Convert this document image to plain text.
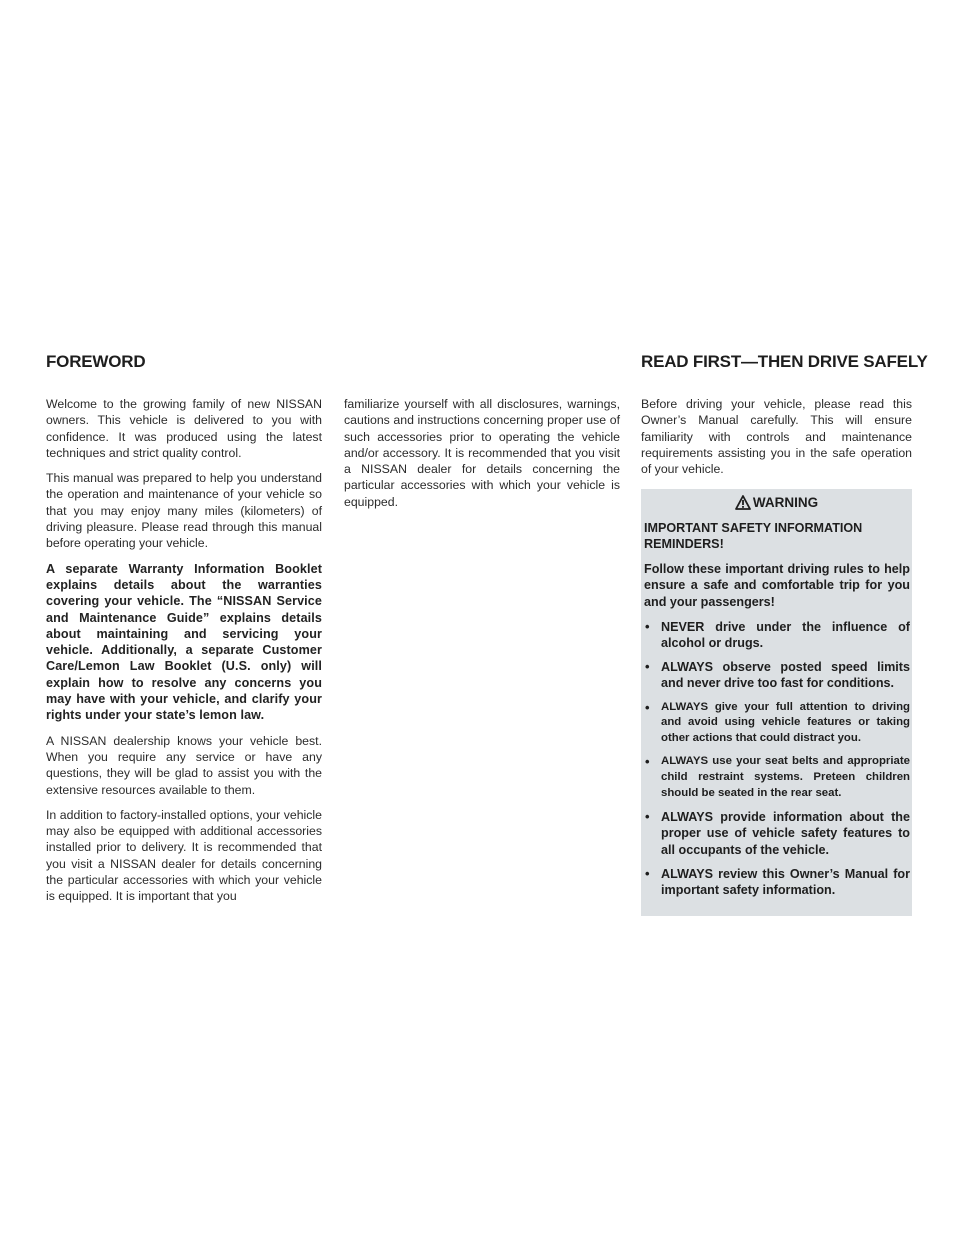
FOREWORD	READ FIRST—THEN DRIVE SAFELY

Welcome to the growing family of new NISSAN owners. This vehicle is delivered to you with confidence. It was produced using the latest techniques and strict quality control.

This manual was prepared to help you understand the operation and maintenance of your vehicle so that you may enjoy many miles (kilometers) of driving pleasure. Please read through this manual before operating your vehicle.

A separate Warranty Information Booklet explains details about the warranties covering your vehicle. The “NISSAN Service and Maintenance Guide” explains details about maintaining and servicing your vehicle. Additionally, a separate Customer Care/Lemon Law Booklet (U.S. only) will explain how to resolve any concerns you may have with your vehicle, and clarify your rights under your state’s lemon law.

A NISSAN dealership knows your vehicle best. When you require any service or have any questions, they will be glad to assist you with the extensive resources available to them.

In addition to factory-installed options, your vehicle may also be equipped with additional accessories installed prior to delivery. It is recommended that you visit a NISSAN dealer for details concerning the particular accessories with which your vehicle is equipped. It is important that you

familiarize yourself with all disclosures, warnings, cautions and instructions concerning proper use of such accessories prior to operating the vehicle and/or accessory. It is recommended that you visit a NISSAN dealer for details concerning the particular accessories with which your vehicle is equipped.

Before driving your vehicle, please read this Owner’s Manual carefully. This will ensure familiarity with controls and maintenance requirements assisting you in the safe operation of your vehicle.

WARNING

IMPORTANT SAFETY INFORMATION REMINDERS!

Follow these important driving rules to help ensure a safe and comfortable trip for you and your passengers!

• NEVER drive under the influence of alcohol or drugs.
• ALWAYS observe posted speed limits and never drive too fast for conditions.
• ALWAYS give your full attention to driving and avoid using vehicle features or taking other actions that could distract you.
• ALWAYS use your seat belts and appropriate child restraint systems. Preteen children should be seated in the rear seat.
• ALWAYS provide information about the proper use of vehicle safety features to all occupants of the vehicle.
• ALWAYS review this Owner’s Manual for important safety information.
